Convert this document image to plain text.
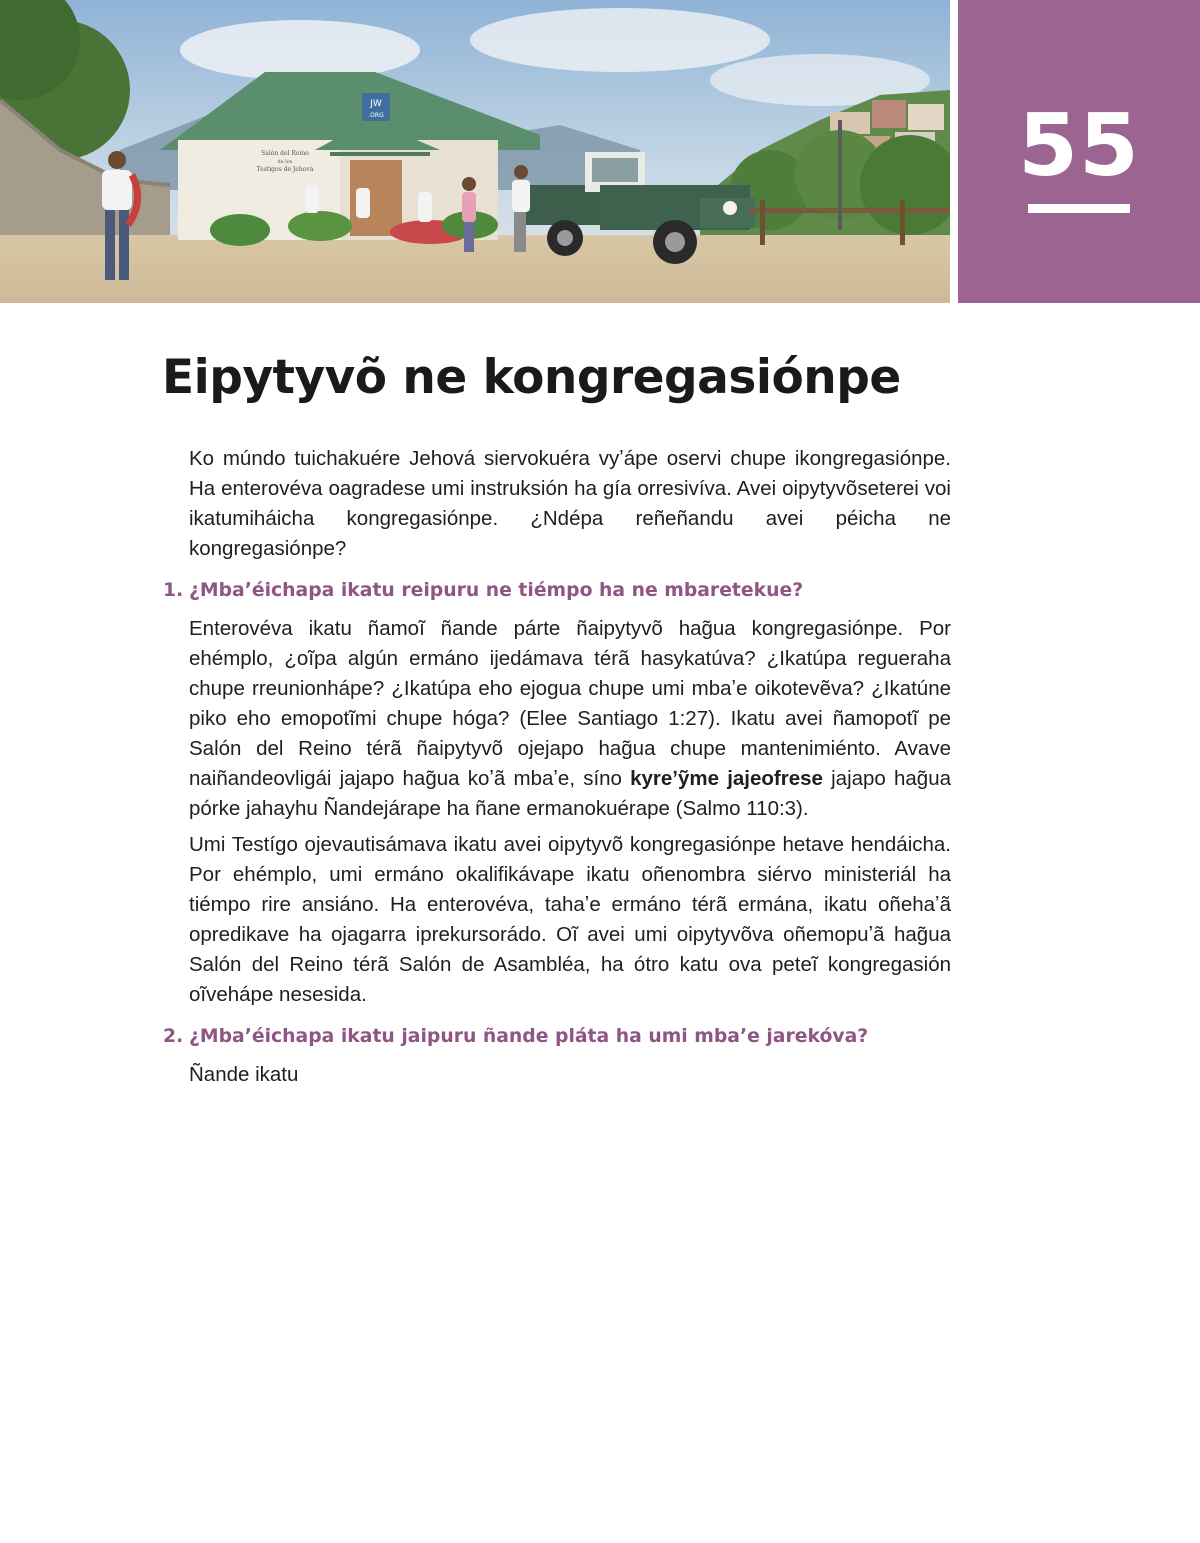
JW
.ORG
Salón del Reino
de los
Testigos de Jehová	55
Eipytyvõ ne kongregasiónpe

Ko múndo tuichakuére Jehová siervokuéra vyʼápe oservi chupe ikongregasiónpe. Ha enterovéva oagradese umi instruksión ha gía orresivíva. Avei oipytyvõseterei voi ikatumiháicha kongregasiónpe. ¿Ndépa reñeñandu avei péicha ne kongregasiónpe?

1. ¿Mbaʼéichapa ikatu reipuru ne tiémpo ha ne mbaretekue?

Enterovéva ikatu ñamoĩ ñande párte ñaipytyvõ hag̃ua kongregasiónpe. Por ehémplo, ¿oĩpa algún ermáno ijedámava térã hasykatúva? ¿Ikatúpa regueraha chupe rreunionhápe? ¿Ikatúpa eho ejogua chupe umi mbaʼe oikotevẽva? ¿Ikatúne piko eho emopotĩmi chupe hóga? (Elee Santiago 1:27). Ikatu avei ñamopotĩ pe Salón del Reino térã ñaipytyvõ ojejapo hag̃ua chupe mantenimiénto. Avave naiñandeovligái jajapo hag̃ua koʼã mbaʼe, síno kyreʼỹme jajeofrese jajapo hag̃ua pórke jahayhu Ñandejárape ha ñane ermanokuérape (Salmo 110:3).

Umi Testígo ojevautisámava ikatu avei oipytyvõ kongregasiónpe hetave hendáicha. Por ehémplo, umi ermáno okalifikávape ikatu oñenombra siérvo ministeriál ha tiémpo rire ansiáno. Ha enterovéva, tahaʼe ermáno térã ermána, ikatu oñehaʼã opredikave ha ojagarra iprekursorádo. Oĩ avei umi oipytyvõva oñemopuʼã hag̃ua Salón del Reino térã Salón de Asambléa, ha ótro katu ova peteĩ kongregasión oĩvehápe nesesida.

2. ¿Mbaʼéichapa ikatu jaipuru ñande pláta ha umi mbaʼe jarekóva?

Ñande ikatu
